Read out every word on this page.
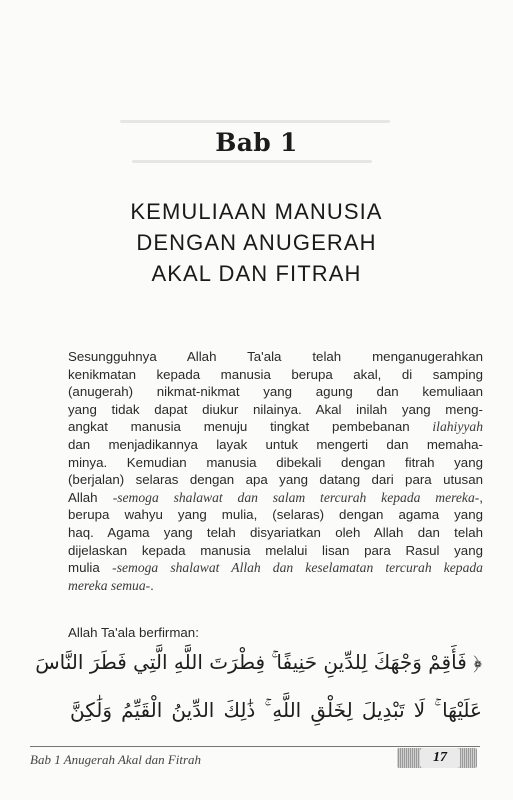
Bab 1
KEMULIAAN MANUSIA
DENGAN ANUGERAH
AKAL DAN FITRAH
Sesungguhnya Allah Ta'ala telah menganugerahkan
kenikmatan kepada manusia berupa akal, di samping
(anugerah) nikmat-nikmat yang agung dan kemuliaan
yang tidak dapat diukur nilainya. Akal inilah yang meng-
angkat manusia menuju tingkat pembebanan ilahiyyah
dan menjadikannya layak untuk mengerti dan memaha-
minya. Kemudian manusia dibekali dengan fitrah yang
(berjalan) selaras dengan apa yang datang dari para utusan
Allah -semoga shalawat dan salam tercurah kepada mereka-,
berupa wahyu yang mulia, (selaras) dengan agama yang
haq. Agama yang telah disyariatkan oleh Allah dan telah
dijelaskan kepada manusia melalui lisan para Rasul yang
mulia -semoga shalawat Allah dan keselamatan tercurah kepada
mereka semua-.
Allah Ta'ala berfirman:
﴿ فَأَقِمْ وَجْهَكَ لِلدِّينِ حَنِيفًا ۚ فِطْرَتَ اللَّهِ الَّتِي فَطَرَ النَّاسَ
عَلَيْهَا ۚ لَا تَبْدِيلَ لِخَلْقِ اللَّهِ ۚ ذَٰلِكَ الدِّينُ الْقَيِّمُ وَلَٰكِنَّ
Bab 1 Anugerah Akal dan Fitrah	17
